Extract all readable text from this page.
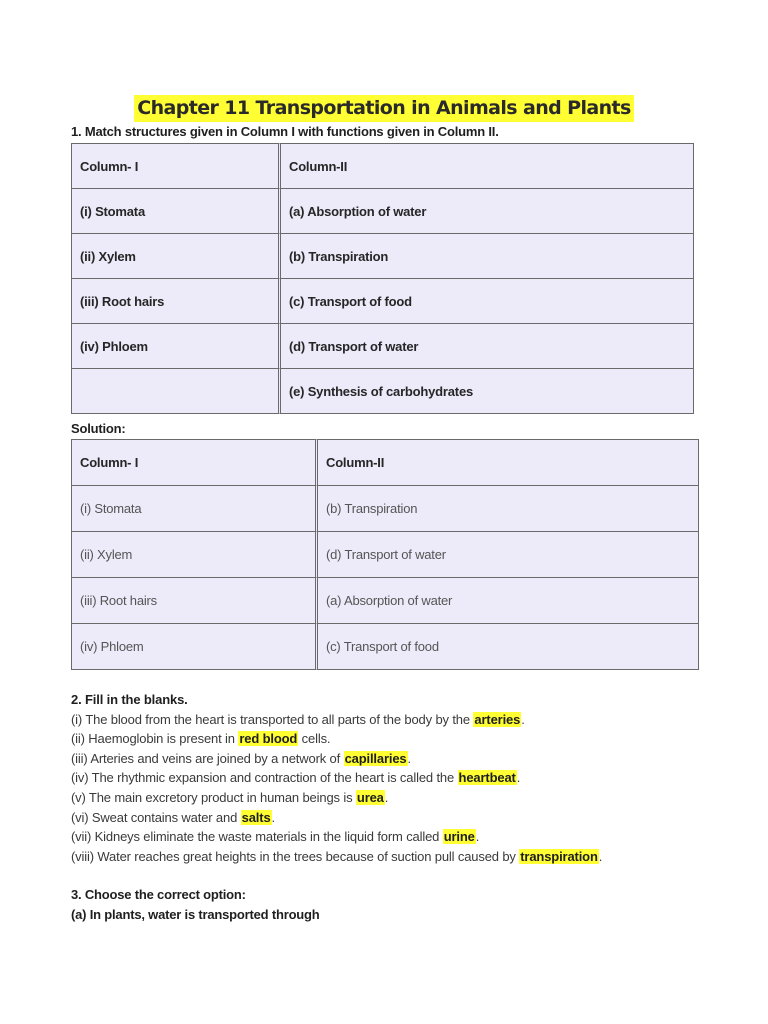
Chapter 11 Transportation in Animals and Plants
1. Match structures given in Column I with functions given in Column II.
Column- I	Column-II
(i) Stomata	(a) Absorption of water
(ii) Xylem	(b) Transpiration
(iii) Root hairs	(c) Transport of food
(iv) Phloem	(d) Transport of water
	(e) Synthesis of carbohydrates
Solution:
Column- I	Column-II
(i) Stomata	(b) Transpiration
(ii) Xylem	(d) Transport of water
(iii) Root hairs	(a) Absorption of water
(iv) Phloem	(c) Transport of food
2. Fill in the blanks.
(i) The blood from the heart is transported to all parts of the body by the arteries.
(ii) Haemoglobin is present in red blood cells.
(iii) Arteries and veins are joined by a network of capillaries.
(iv) The rhythmic expansion and contraction of the heart is called the heartbeat.
(v) The main excretory product in human beings is urea.
(vi) Sweat contains water and salts.
(vii) Kidneys eliminate the waste materials in the liquid form called urine.
(viii) Water reaches great heights in the trees because of suction pull caused by transpiration.
3. Choose the correct option:
(a) In plants, water is transported through
